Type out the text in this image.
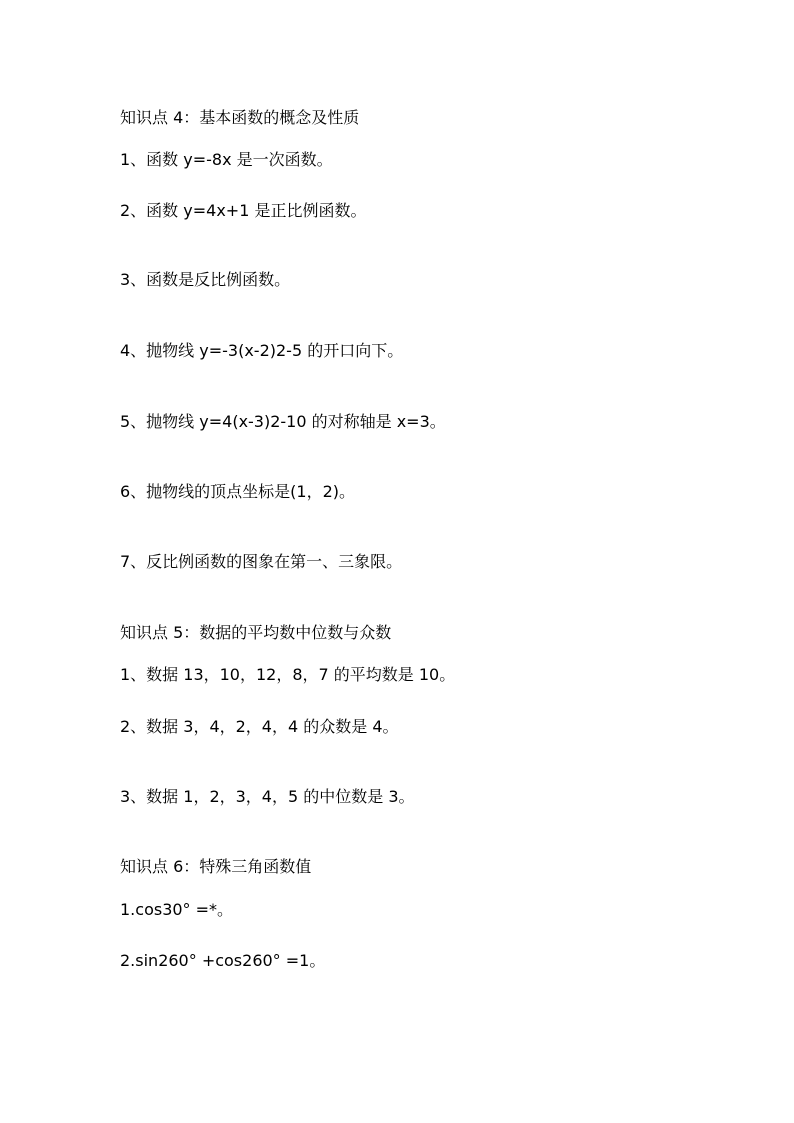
知识点 4：基本函数的概念及性质
1、函数 y=-8x 是一次函数。
2、函数 y=4x+1 是正比例函数。
3、函数是反比例函数。
4、抛物线 y=-3(x-2)2-5 的开口向下。
5、抛物线 y=4(x-3)2-10 的对称轴是 x=3。
6、抛物线的顶点坐标是(1，2)。
7、反比例函数的图象在第一、三象限。
知识点 5：数据的平均数中位数与众数
1、数据 13，10，12，8，7 的平均数是 10。
2、数据 3，4，2，4，4 的众数是 4。
3、数据 1，2，3，4，5 的中位数是 3。
知识点 6：特殊三角函数值
1.cos30° =*。
2.sin260° +cos260° =1。
